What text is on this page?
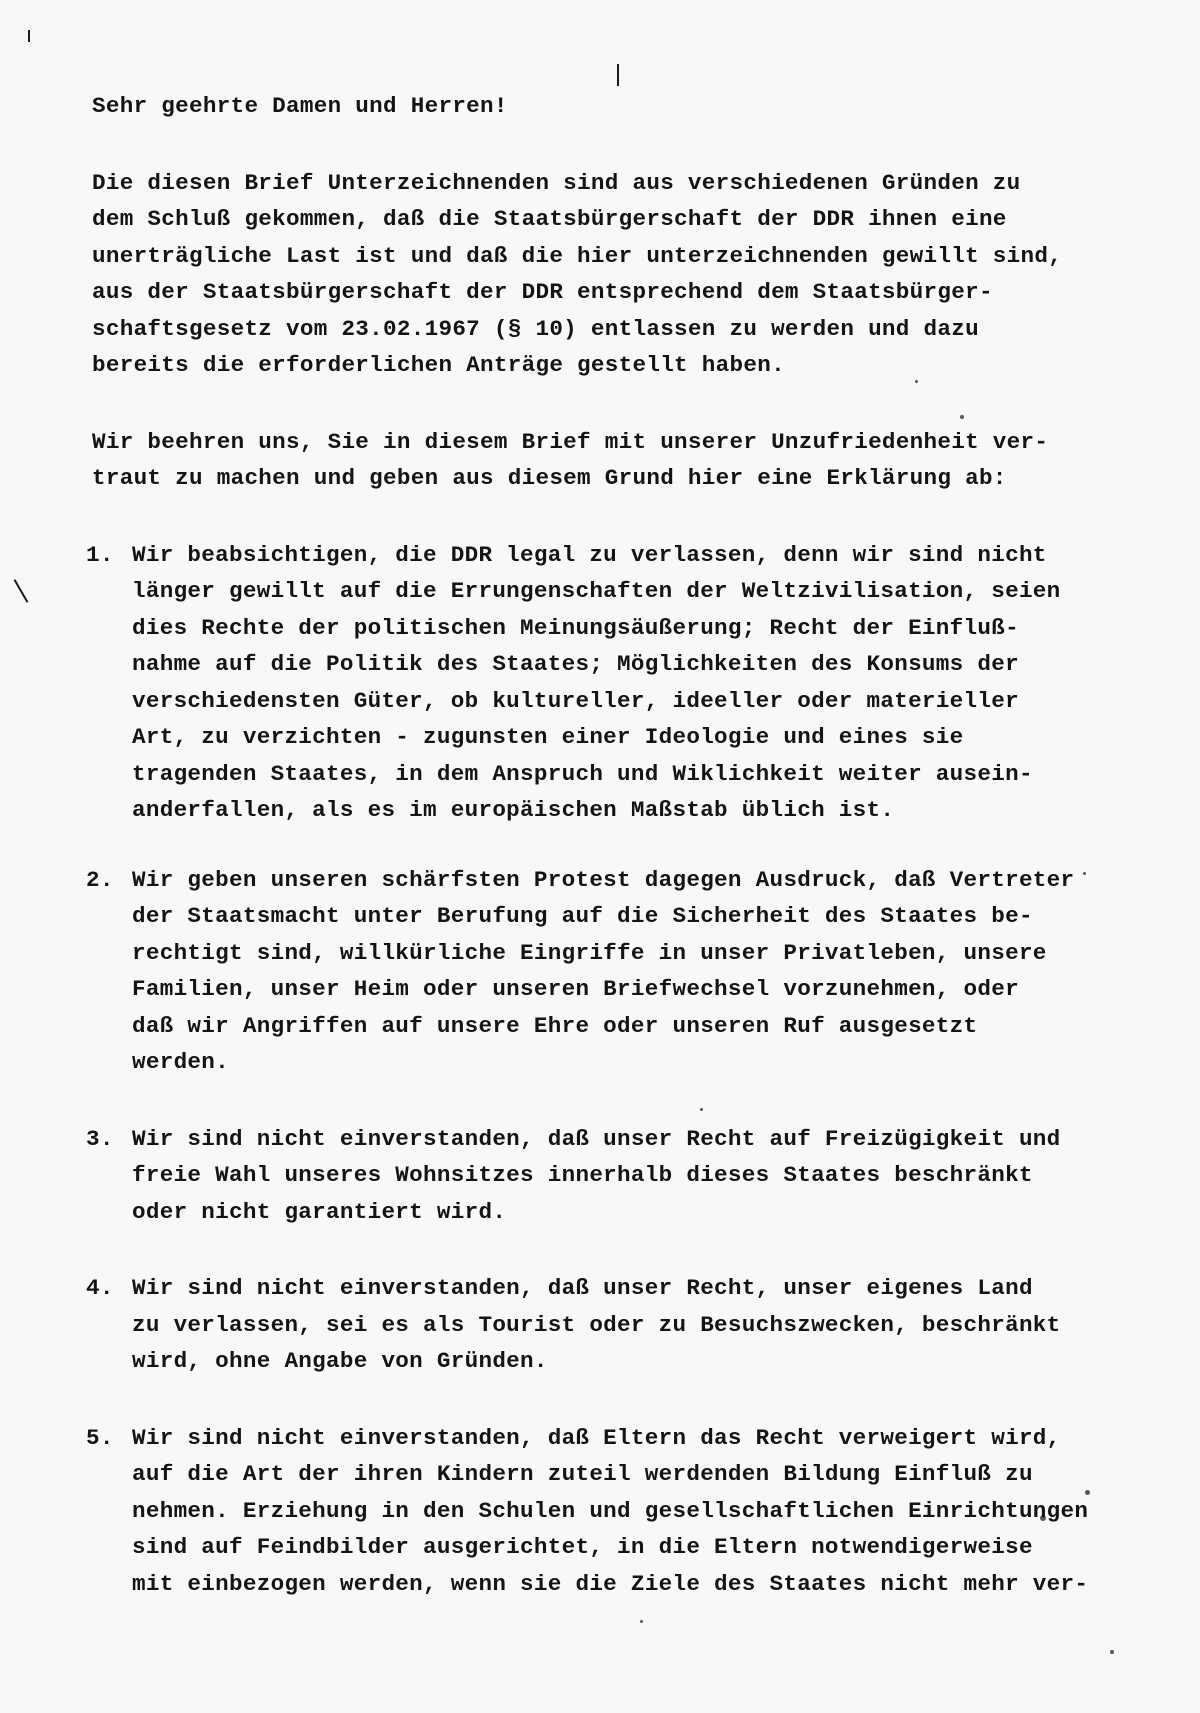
Sehr geehrte Damen und Herren!
Die diesen Brief Unterzeichnenden sind aus verschiedenen Gründen zu
dem Schluß gekommen, daß die Staatsbürgerschaft der DDR ihnen eine
unerträgliche Last ist und daß die hier unterzeichnenden gewillt sind,
aus der Staatsbürgerschaft der DDR entsprechend dem Staatsbürger-
schaftsgesetz vom 23.02.1967 (§ 10) entlassen zu werden und dazu
bereits die erforderlichen Anträge gestellt haben.
Wir beehren uns, Sie in diesem Brief mit unserer Unzufriedenheit ver-
traut zu machen und geben aus diesem Grund hier eine Erklärung ab:
1. Wir beabsichtigen, die DDR legal zu verlassen, denn wir sind nicht
länger gewillt auf die Errungenschaften der Weltzivilisation, seien
dies Rechte der politischen Meinungsäußerung; Recht der Einfluß-
nahme auf die Politik des Staates; Möglichkeiten des Konsums der
verschiedensten Güter, ob kultureller, ideeller oder materieller
Art, zu verzichten - zugunsten einer Ideologie und eines sie
tragenden Staates, in dem Anspruch und Wiklichkeit weiter ausein-
anderfallen, als es im europäischen Maßstab üblich ist.
2. Wir geben unseren schärfsten Protest dagegen Ausdruck, daß Vertreter
der Staatsmacht unter Berufung auf die Sicherheit des Staates be-
rechtigt sind, willkürliche Eingriffe in unser Privatleben, unsere
Familien, unser Heim oder unseren Briefwechsel vorzunehmen, oder
daß wir Angriffen auf unsere Ehre oder unseren Ruf ausgesetzt
werden.
3. Wir sind nicht einverstanden, daß unser Recht auf Freizügigkeit und
freie Wahl unseres Wohnsitzes innerhalb dieses Staates beschränkt
oder nicht garantiert wird.
4. Wir sind nicht einverstanden, daß unser Recht, unser eigenes Land
zu verlassen, sei es als Tourist oder zu Besuchszwecken, beschränkt
wird, ohne Angabe von Gründen.
5. Wir sind nicht einverstanden, daß Eltern das Recht verweigert wird,
auf die Art der ihren Kindern zuteil werdenden Bildung Einfluß zu
nehmen. Erziehung in den Schulen und gesellschaftlichen Einrichtungen
sind auf Feindbilder ausgerichtet, in die Eltern notwendigerweise
mit einbezogen werden, wenn sie die Ziele des Staates nicht mehr ver-
